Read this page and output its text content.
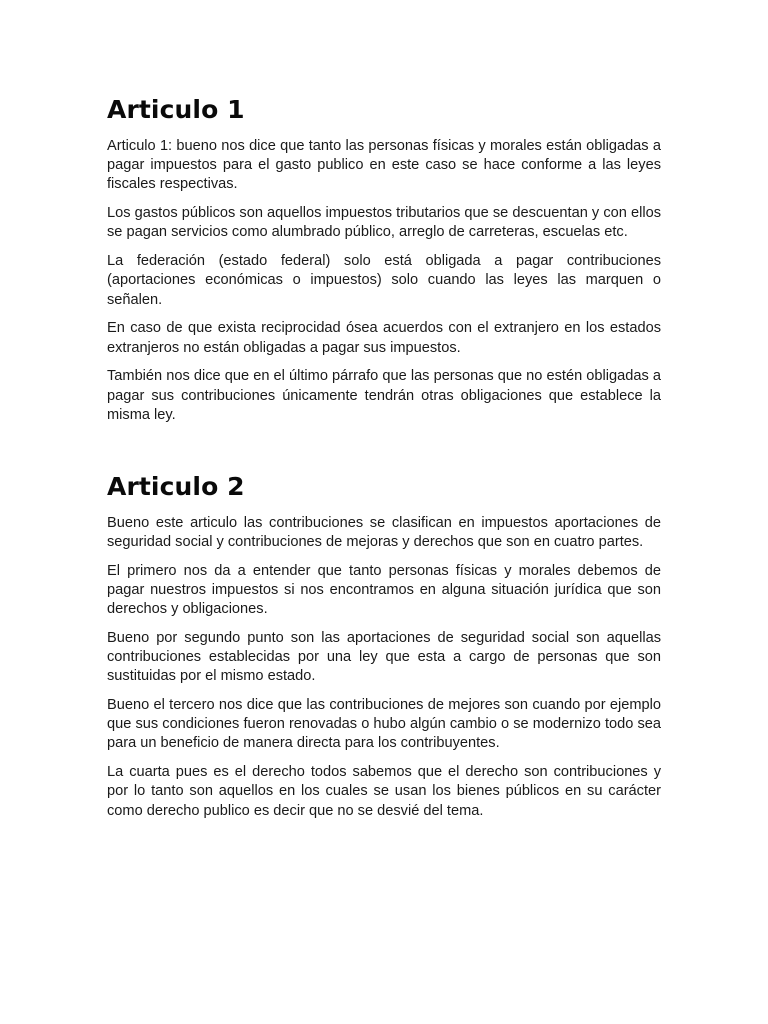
Articulo 1

Articulo 1: bueno nos dice que tanto las personas físicas y morales están obligadas a pagar impuestos para el gasto publico en este caso se hace conforme a las leyes fiscales respectivas.

Los gastos públicos son aquellos impuestos tributarios que se descuentan y con ellos se pagan servicios como alumbrado público, arreglo de carreteras, escuelas etc.

La federación (estado federal) solo está obligada a pagar contribuciones (aportaciones económicas o impuestos) solo cuando las leyes las marquen o señalen.

En caso de que exista reciprocidad ósea acuerdos con el extranjero en los estados extranjeros no están obligadas a pagar sus impuestos.

También nos dice que en el último párrafo que las personas que no estén obligadas a pagar sus contribuciones únicamente tendrán otras obligaciones que establece la misma ley.

Articulo 2

Bueno este articulo las contribuciones se clasifican en impuestos aportaciones de seguridad social y contribuciones de mejoras y derechos que son en cuatro partes.

El primero nos da a entender que tanto personas físicas y morales debemos de pagar nuestros impuestos si nos encontramos en alguna situación jurídica que son derechos y obligaciones.

Bueno por segundo punto son las aportaciones de seguridad social son aquellas contribuciones establecidas por una ley que esta a cargo de personas que son sustituidas por el mismo estado.

Bueno el tercero nos dice que las contribuciones de mejores son cuando por ejemplo que sus condiciones fueron renovadas o hubo algún cambio o se modernizo todo sea para un beneficio de manera directa para los contribuyentes.

La cuarta pues es el derecho todos sabemos que el derecho son contribuciones y por lo tanto son aquellos en los cuales se usan los bienes públicos en su carácter como derecho publico es decir que no se desvié del tema.
